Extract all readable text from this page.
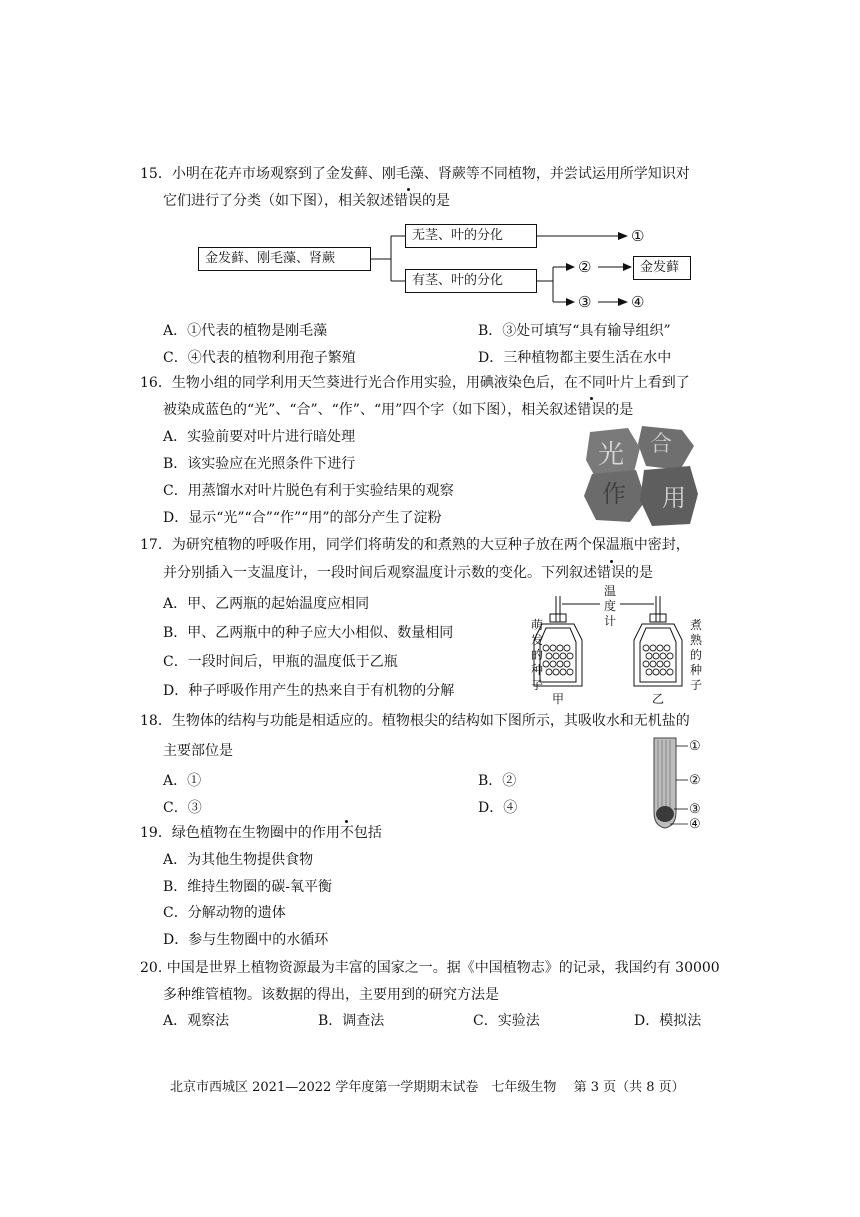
15．小明在花卉市场观察到了金发藓、刚毛藻、肾蕨等不同植物，并尝试运用所学知识对
它们进行了分类（如下图），相关叙述错误的是
金发藓、刚毛藻、肾蕨
无茎、叶的分化
有茎、叶的分化
①
②
③	④
金发藓
A．①代表的植物是刚毛藻	B．③处可填写“具有输导组织”
C．④代表的植物利用孢子繁殖	D．三种植物都主要生活在水中
16．生物小组的同学利用天竺葵进行光合作用实验，用碘液染色后，在不同叶片上看到了
被染成蓝色的“光”、“合”、“作”、“用”四个字（如下图），相关叙述错误的是
A．实验前要对叶片进行暗处理
B．该实验应在光照条件下进行
C．用蒸馏水对叶片脱色有利于实验结果的观察
D．显示“光”“合”“作”“用”的部分产生了淀粉
光 合
作 用
17．为研究植物的呼吸作用，同学们将萌发的和煮熟的大豆种子放在两个保温瓶中密封，
并分别插入一支温度计，一段时间后观察温度计示数的变化。下列叙述错误的是
A．甲、乙两瓶的起始温度应相同
B．甲、乙两瓶中的种子应大小相似、数量相同
C．一段时间后，甲瓶的温度低于乙瓶
D．种子呼吸作用产生的热来自于有机物的分解
温度计
萌发的种子
煮熟的种子
甲	乙
18．生物体的结构与功能是相适应的。植物根尖的结构如下图所示，其吸收水和无机盐的
主要部位是
A．①	B．②
C．③	D．④
①
②
③
④
19．绿色植物在生物圈中的作用不包括
A．为其他生物提供食物
B．维持生物圈的碳-氧平衡
C．分解动物的遗体
D．参与生物圈中的水循环
20. 中国是世界上植物资源最为丰富的国家之一。据《中国植物志》的记录，我国约有 30000
多种维管植物。该数据的得出，主要用到的研究方法是
A．观察法	B．调查法	C．实验法	D．模拟法
北京市西城区 2021—2022 学年度第一学期期末试卷　七年级生物　 第 3 页（共 8 页）
